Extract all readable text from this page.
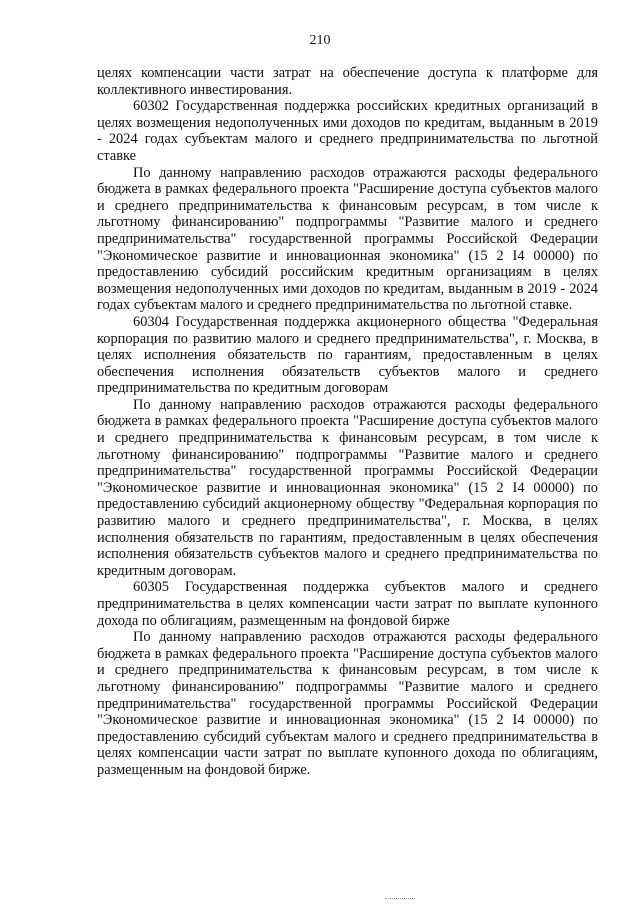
210

целях компенсации части затрат на обеспечение доступа к платформе для коллективного инвестирования.

60302 Государственная поддержка российских кредитных организаций в целях возмещения недополученных ими доходов по кредитам, выданным в 2019 - 2024 годах субъектам малого и среднего предпринимательства по льготной ставке

По данному направлению расходов отражаются расходы федерального бюджета в рамках федерального проекта "Расширение доступа субъектов малого и среднего предпринимательства к финансовым ресурсам, в том числе к льготному финансированию" подпрограммы "Развитие малого и среднего предпринимательства" государственной программы Российской Федерации "Экономическое развитие и инновационная экономика" (15 2 I4 00000) по предоставлению субсидий российским кредитным организациям в целях возмещения недополученных ими доходов по кредитам, выданным в 2019 - 2024 годах субъектам малого и среднего предпринимательства по льготной ставке.

60304 Государственная поддержка акционерного общества "Федеральная корпорация по развитию малого и среднего предпринимательства", г. Москва, в целях исполнения обязательств по гарантиям, предоставленным в целях обеспечения исполнения обязательств субъектов малого и среднего предпринимательства по кредитным договорам

По данному направлению расходов отражаются расходы федерального бюджета в рамках федерального проекта "Расширение доступа субъектов малого и среднего предпринимательства к финансовым ресурсам, в том числе к льготному финансированию" подпрограммы "Развитие малого и среднего предпринимательства" государственной программы Российской Федерации "Экономическое развитие и инновационная экономика" (15 2 I4 00000) по предоставлению субсидий акционерному обществу "Федеральная корпорация по развитию малого и среднего предпринимательства", г. Москва, в целях исполнения обязательств по гарантиям, предоставленным в целях обеспечения исполнения обязательств субъектов малого и среднего предпринимательства по кредитным договорам.

60305 Государственная поддержка субъектов малого и среднего предпринимательства в целях компенсации части затрат по выплате купонного дохода по облигациям, размещенным на фондовой бирже

По данному направлению расходов отражаются расходы федерального бюджета в рамках федерального проекта "Расширение доступа субъектов малого и среднего предпринимательства к финансовым ресурсам, в том числе к льготному финансированию" подпрограммы "Развитие малого и среднего предпринимательства" государственной программы Российской Федерации "Экономическое развитие и инновационная экономика" (15 2 I4 00000) по предоставлению субсидий субъектам малого и среднего предпринимательства в целях компенсации части затрат по выплате купонного дохода по облигациям, размещенным на фондовой бирже.
